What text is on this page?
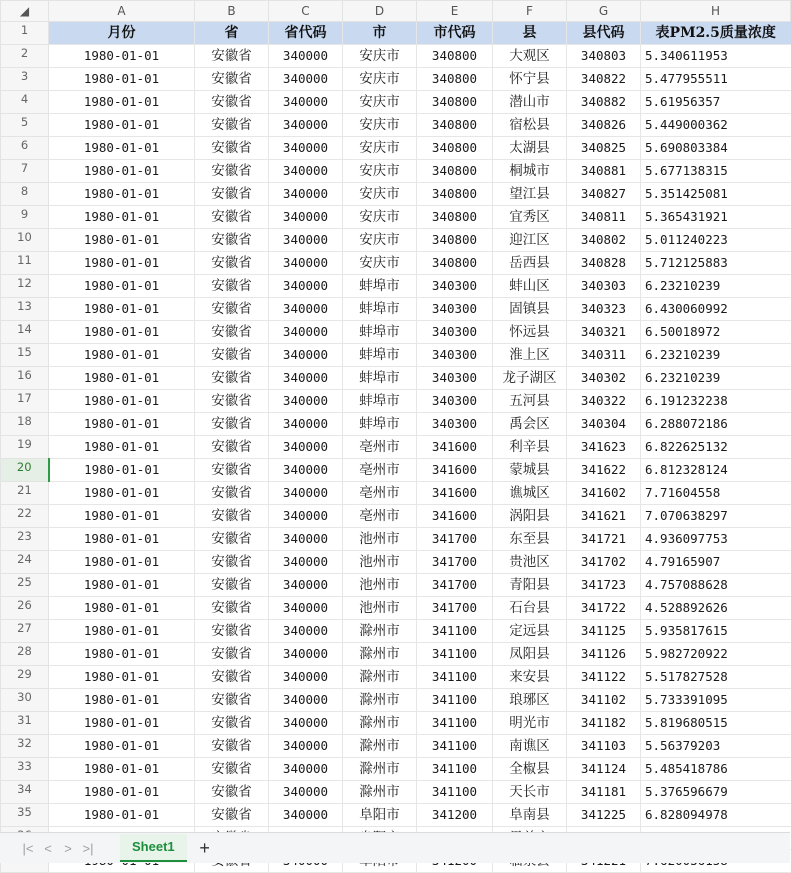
◢	A	B	C	D	E	F	G	H
1	月份	省	省代码	市	市代码	县	县代码	表PM2.5质量浓度
2	1980-01-01	安徽省	340000	安庆市	340800	大观区	340803	5.340611953
3	1980-01-01	安徽省	340000	安庆市	340800	怀宁县	340822	5.477955511
4	1980-01-01	安徽省	340000	安庆市	340800	潜山市	340882	5.61956357
5	1980-01-01	安徽省	340000	安庆市	340800	宿松县	340826	5.449000362
6	1980-01-01	安徽省	340000	安庆市	340800	太湖县	340825	5.690803384
7	1980-01-01	安徽省	340000	安庆市	340800	桐城市	340881	5.677138315
8	1980-01-01	安徽省	340000	安庆市	340800	望江县	340827	5.351425081
9	1980-01-01	安徽省	340000	安庆市	340800	宜秀区	340811	5.365431921
10	1980-01-01	安徽省	340000	安庆市	340800	迎江区	340802	5.011240223
11	1980-01-01	安徽省	340000	安庆市	340800	岳西县	340828	5.712125883
12	1980-01-01	安徽省	340000	蚌埠市	340300	蚌山区	340303	6.23210239
13	1980-01-01	安徽省	340000	蚌埠市	340300	固镇县	340323	6.430060992
14	1980-01-01	安徽省	340000	蚌埠市	340300	怀远县	340321	6.50018972
15	1980-01-01	安徽省	340000	蚌埠市	340300	淮上区	340311	6.23210239
16	1980-01-01	安徽省	340000	蚌埠市	340300	龙子湖区	340302	6.23210239
17	1980-01-01	安徽省	340000	蚌埠市	340300	五河县	340322	6.191232238
18	1980-01-01	安徽省	340000	蚌埠市	340300	禹会区	340304	6.288072186
19	1980-01-01	安徽省	340000	亳州市	341600	利辛县	341623	6.822625132
20	1980-01-01	安徽省	340000	亳州市	341600	蒙城县	341622	6.812328124
21	1980-01-01	安徽省	340000	亳州市	341600	谯城区	341602	7.71604558
22	1980-01-01	安徽省	340000	亳州市	341600	涡阳县	341621	7.070638297
23	1980-01-01	安徽省	340000	池州市	341700	东至县	341721	4.936097753
24	1980-01-01	安徽省	340000	池州市	341700	贵池区	341702	4.79165907
25	1980-01-01	安徽省	340000	池州市	341700	青阳县	341723	4.757088628
26	1980-01-01	安徽省	340000	池州市	341700	石台县	341722	4.528892626
27	1980-01-01	安徽省	340000	滁州市	341100	定远县	341125	5.935817615
28	1980-01-01	安徽省	340000	滁州市	341100	凤阳县	341126	5.982720922
29	1980-01-01	安徽省	340000	滁州市	341100	来安县	341122	5.517827528
30	1980-01-01	安徽省	340000	滁州市	341100	琅琊区	341102	5.733391095
31	1980-01-01	安徽省	340000	滁州市	341100	明光市	341182	5.819680515
32	1980-01-01	安徽省	340000	滁州市	341100	南谯区	341103	5.56379203
33	1980-01-01	安徽省	340000	滁州市	341100	全椒县	341124	5.485418786
34	1980-01-01	安徽省	340000	滁州市	341100	天长市	341181	5.376596679
35	1980-01-01	安徽省	340000	阜阳市	341200	阜南县	341225	6.828094978

|< < > >|	Sheet1	+
